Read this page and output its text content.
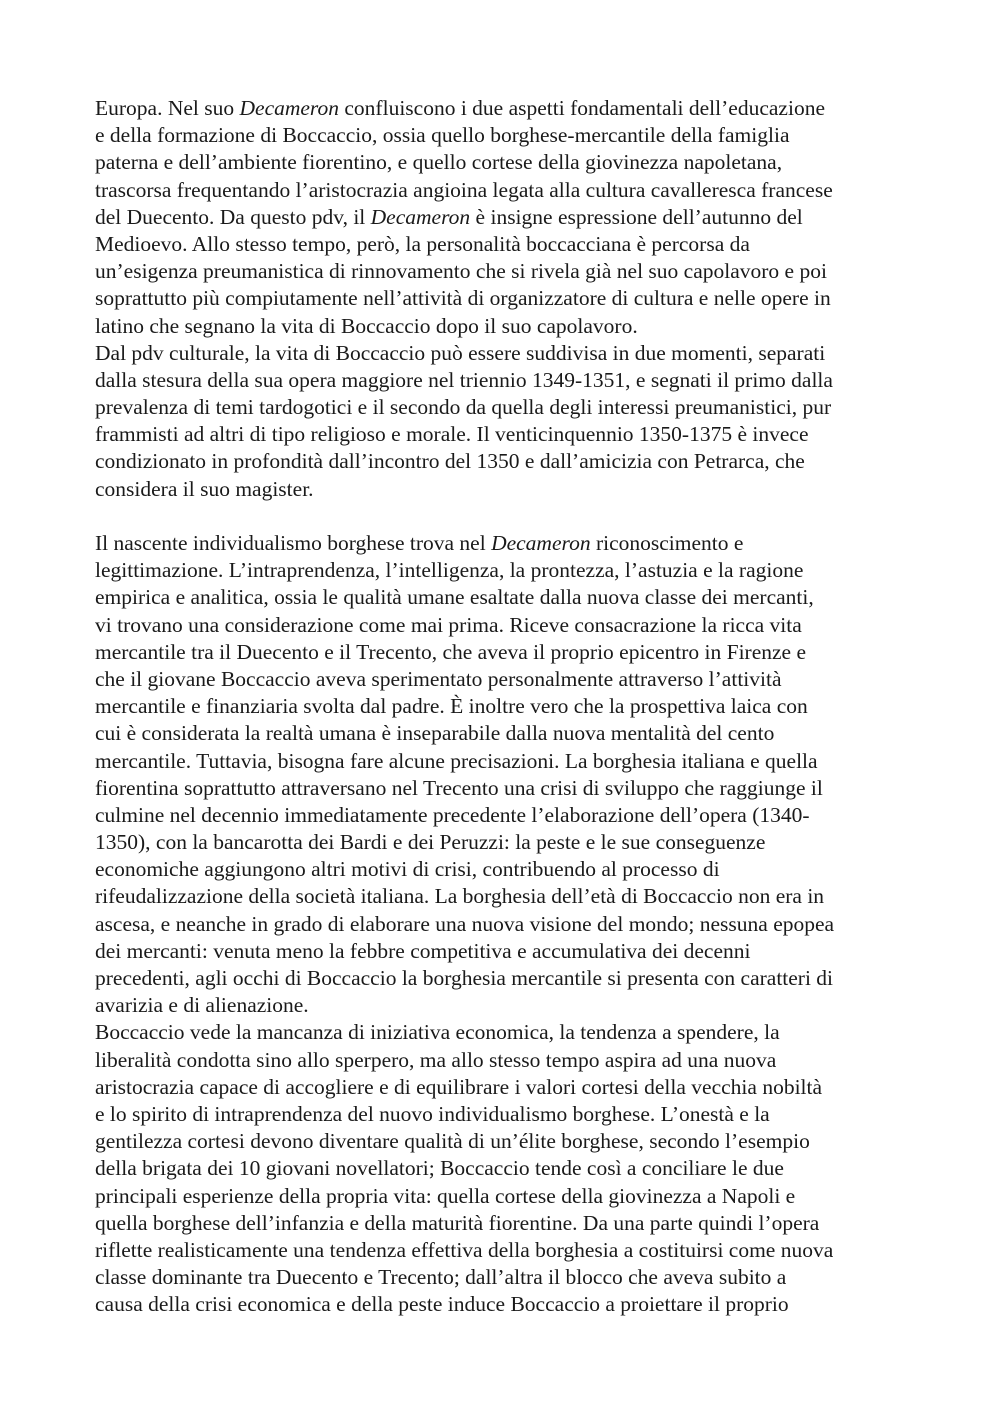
Europa. Nel suo Decameron confluiscono i due aspetti fondamentali dell’educazione
e della formazione di Boccaccio, ossia quello borghese-mercantile della famiglia
paterna e dell’ambiente fiorentino, e quello cortese della giovinezza napoletana,
trascorsa frequentando l’aristocrazia angioina legata alla cultura cavalleresca francese
del Duecento. Da questo pdv, il Decameron è insigne espressione dell’autunno del
Medioevo. Allo stesso tempo, però, la personalità boccacciana è percorsa da
un’esigenza preumanistica di rinnovamento che si rivela già nel suo capolavoro e poi
soprattutto più compiutamente nell’attività di organizzatore di cultura e nelle opere in
latino che segnano la vita di Boccaccio dopo il suo capolavoro.
Dal pdv culturale, la vita di Boccaccio può essere suddivisa in due momenti, separati
dalla stesura della sua opera maggiore nel triennio 1349-1351, e segnati il primo dalla
prevalenza di temi tardogotici e il secondo da quella degli interessi preumanistici, pur
frammisti ad altri di tipo religioso e morale. Il venticinquennio 1350-1375 è invece
condizionato in profondità dall’incontro del 1350 e dall’amicizia con Petrarca, che
considera il suo magister.
Il nascente individualismo borghese trova nel Decameron riconoscimento e
legittimazione. L’intraprendenza, l’intelligenza, la prontezza, l’astuzia e la ragione
empirica e analitica, ossia le qualità umane esaltate dalla nuova classe dei mercanti,
vi trovano una considerazione come mai prima. Riceve consacrazione la ricca vita
mercantile tra il Duecento e il Trecento, che aveva il proprio epicentro in Firenze e
che il giovane Boccaccio aveva sperimentato personalmente attraverso l’attività
mercantile e finanziaria svolta dal padre. È inoltre vero che la prospettiva laica con
cui è considerata la realtà umana è inseparabile dalla nuova mentalità del cento
mercantile. Tuttavia, bisogna fare alcune precisazioni. La borghesia italiana e quella
fiorentina soprattutto attraversano nel Trecento una crisi di sviluppo che raggiunge il
culmine nel decennio immediatamente precedente l’elaborazione dell’opera (1340-
1350), con la bancarotta dei Bardi e dei Peruzzi: la peste e le sue conseguenze
economiche aggiungono altri motivi di crisi, contribuendo al processo di
rifeudalizzazione della società italiana. La borghesia dell’età di Boccaccio non era in
ascesa, e neanche in grado di elaborare una nuova visione del mondo; nessuna epopea
dei mercanti: venuta meno la febbre competitiva e accumulativa dei decenni
precedenti, agli occhi di Boccaccio la borghesia mercantile si presenta con caratteri di
avarizia e di alienazione.
Boccaccio vede la mancanza di iniziativa economica, la tendenza a spendere, la
liberalità condotta sino allo sperpero, ma allo stesso tempo aspira ad una nuova
aristocrazia capace di accogliere e di equilibrare i valori cortesi della vecchia nobiltà
e lo spirito di intraprendenza del nuovo individualismo borghese. L’onestà e la
gentilezza cortesi devono diventare qualità di un’élite borghese, secondo l’esempio
della brigata dei 10 giovani novellatori; Boccaccio tende così a conciliare le due
principali esperienze della propria vita: quella cortese della giovinezza a Napoli e
quella borghese dell’infanzia e della maturità fiorentine. Da una parte quindi l’opera
riflette realisticamente una tendenza effettiva della borghesia a costituirsi come nuova
classe dominante tra Duecento e Trecento; dall’altra il blocco che aveva subito a
causa della crisi economica e della peste induce Boccaccio a proiettare il proprio
